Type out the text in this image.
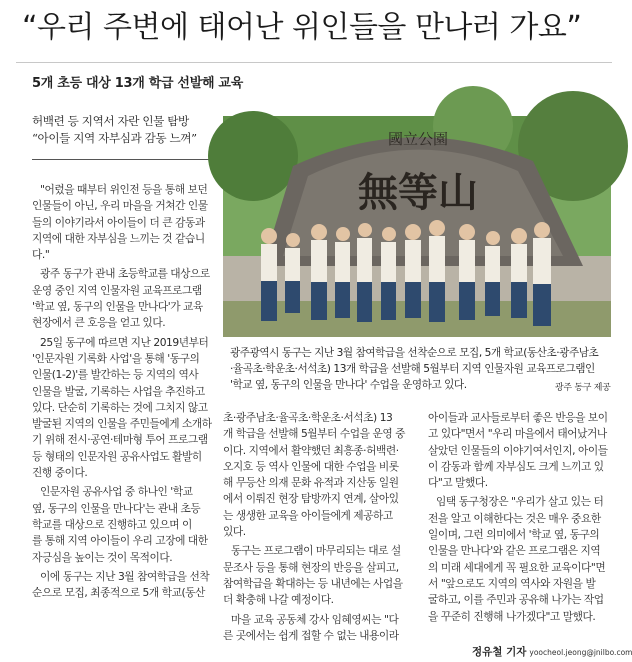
“우리 주변에 태어난 위인들을 만나러 가요”
5개 초등 대상 13개 학급 선발해 교육
허백련 등 지역서 자란 인물 탐방
“아이들 지역 자부심과 감동 느껴”
"어렸을 때부터 위인전 등을 통해 보던
인물들이 아닌, 우리 마을을 거쳐간 인물
들의 이야기라서 아이들이 더 큰 감동과
지역에 대한 자부심을 느끼는 것 같습니
다."
광주 동구가 관내 초등학교를 대상으로
운영 중인 지역 인물자원 교육프로그램
'학교 옆, 동구의 인물을 만나다'가 교육
현장에서 큰 호응을 얻고 있다.
25일 동구에 따르면 지난 2019년부터
'인문자원 기록화 사업'을 통해 '동구의
인물(1-2)'를 발간하는 등 지역의 역사
인물을 발굴, 기록하는 사업을 추진하고
있다. 단순히 기록하는 것에 그치지 않고
발굴된 지역의 인물을 주민들에게 소개하
기 위해 전시·공연·테마형 투어 프로그램
등 형태의 인문자원 공유사업도 활발히
진행 중이다.
인문자원 공유사업 중 하나인 '학교
옆, 동구의 인물을 만나다'는 관내 초등
학교를 대상으로 진행하고 있으며 이
를 통해 지역 아이들이 우리 고장에 대한
자긍심을 높이는 것이 목적이다.
이에 동구는 지난 3월 참여학급을 선착
순으로 모집, 최종적으로 5개 학교(동산
國立公園
無等山
광주광역시 동구는 지난 3월 참여학급을 선착순으로 모집, 5개 학교(동산초·광주남초
·율곡초·학운초·서석초) 13개 학급을 선발해 5월부터 지역 인물자원 교육프로그램인
'학교 옆, 동구의 인물을 만나다' 수업을 운영하고 있다.	광주 동구 제공
초·광주남초·율곡초·학운초·서석초) 13
개 학급을 선발해 5월부터 수업을 운영 중
이다. 지역에서 활약했던 최흥종·허백련·
오지호 등 역사 인물에 대한 수업을 비롯
해 무등산 의재 문화 유적과 지산동 일원
에서 이뤄진 현장 탐방까지 연계, 살아있
는 생생한 교육을 아이들에게 제공하고
있다.
동구는 프로그램이 마무리되는 대로 설
문조사 등을 통해 현장의 반응을 살피고,
참여학급을 확대하는 등 내년에는 사업을
더 확충해 나갈 예정이다.
마을 교육 공동체 강사 임혜영씨는 "다
른 곳에서는 쉽게 접할 수 없는 내용이라
아이들과 교사들로부터 좋은 반응을 보이
고 있다"면서 "우리 마을에서 태어났거나
살았던 인물들의 이야기여서인지, 아이들
이 감동과 함께 자부심도 크게 느끼고 있
다"고 말했다.
임택 동구청장은 "우리가 살고 있는 터
전을 알고 이해한다는 것은 매우 중요한
일이며, 그런 의미에서 '학교 옆, 동구의
인물을 만나다'와 같은 프로그램은 지역
의 미래 세대에게 꼭 필요한 교육이다"면
서 "앞으로도 지역의 역사와 자원을 발
굴하고, 이를 주민과 공유해 나가는 작업
을 꾸준히 진행해 나가겠다"고 말했다.
정유철 기자 yoocheol.jeong@jnilbo.com
